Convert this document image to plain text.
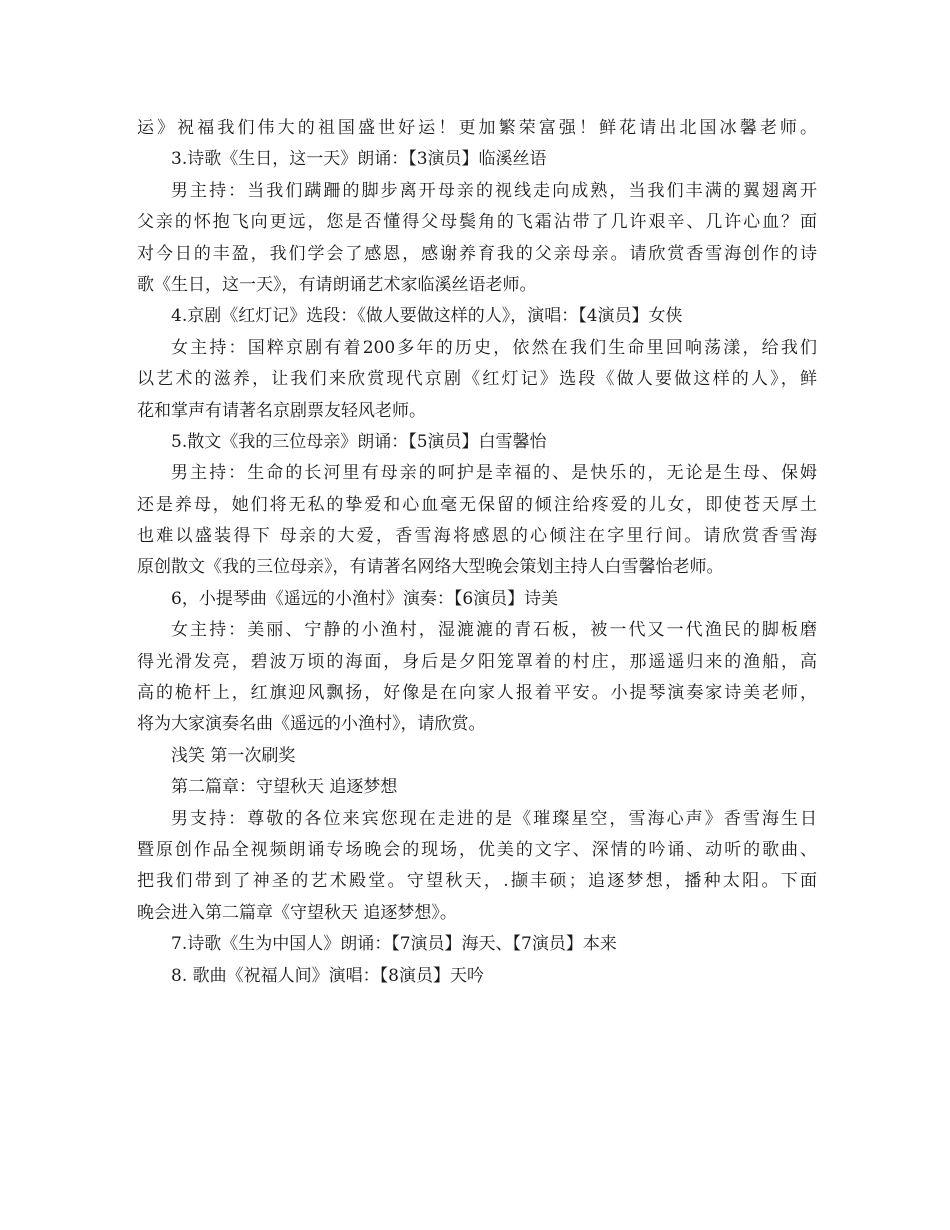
运》祝福我们伟大的祖国盛世好运！更加繁荣富强！鲜花请出北国冰馨老师。
3.诗歌《生日，这一天》朗诵：【3演员】临溪丝语
男主持：当我们蹒跚的脚步离开母亲的视线走向成熟，当我们丰满的翼翅离开
父亲的怀抱飞向更远，您是否懂得父母鬓角的飞霜沾带了几许艰辛、几许心血？面
对今日的丰盈，我们学会了感恩，感谢养育我的父亲母亲。请欣赏香雪海创作的诗
歌《生日，这一天》，有请朗诵艺术家临溪丝语老师。
4.京剧《红灯记》选段：《做人要做这样的人》，演唱：【4演员】女侠
女主持：国粹京剧有着200多年的历史，依然在我们生命里回响荡漾，给我们
以艺术的滋养，让我们来欣赏现代京剧《红灯记》选段《做人要做这样的人》，鲜
花和掌声有请著名京剧票友轻风老师。
5.散文《我的三位母亲》朗诵：【5演员】白雪馨怡
男主持：生命的长河里有母亲的呵护是幸福的、是快乐的，无论是生母、保姆
还是养母，她们将无私的挚爱和心血毫无保留的倾注给疼爱的儿女，即使苍天厚土
也难以盛装得下 母亲的大爱，香雪海将感恩的心倾注在字里行间。请欣赏香雪海
原创散文《我的三位母亲》，有请著名网络大型晚会策划主持人白雪馨怡老师。
6，小提琴曲《遥远的小渔村》演奏：【6演员】诗美
女主持：美丽、宁静的小渔村，湿漉漉的青石板，被一代又一代渔民的脚板磨
得光滑发亮，碧波万顷的海面，身后是夕阳笼罩着的村庄，那遥遥归来的渔船，高
高的桅杆上，红旗迎风飘扬，好像是在向家人报着平安。小提琴演奏家诗美老师，
将为大家演奏名曲《遥远的小渔村》，请欣赏。
浅笑 第一次刷奖
第二篇章：守望秋天 追逐梦想
男支持：尊敬的各位来宾您现在走进的是《璀璨星空，雪海心声》香雪海生日
暨原创作品全视频朗诵专场晚会的现场，优美的文字、深情的吟诵、动听的歌曲、
把我们带到了神圣的艺术殿堂。守望秋天，.撷丰硕；追逐梦想，播种太阳。下面
晚会进入第二篇章《守望秋天 追逐梦想》。
7.诗歌《生为中国人》朗诵：【7演员】海天、【7演员】本来
8. 歌曲《祝福人间》演唱：【8演员】天吟
